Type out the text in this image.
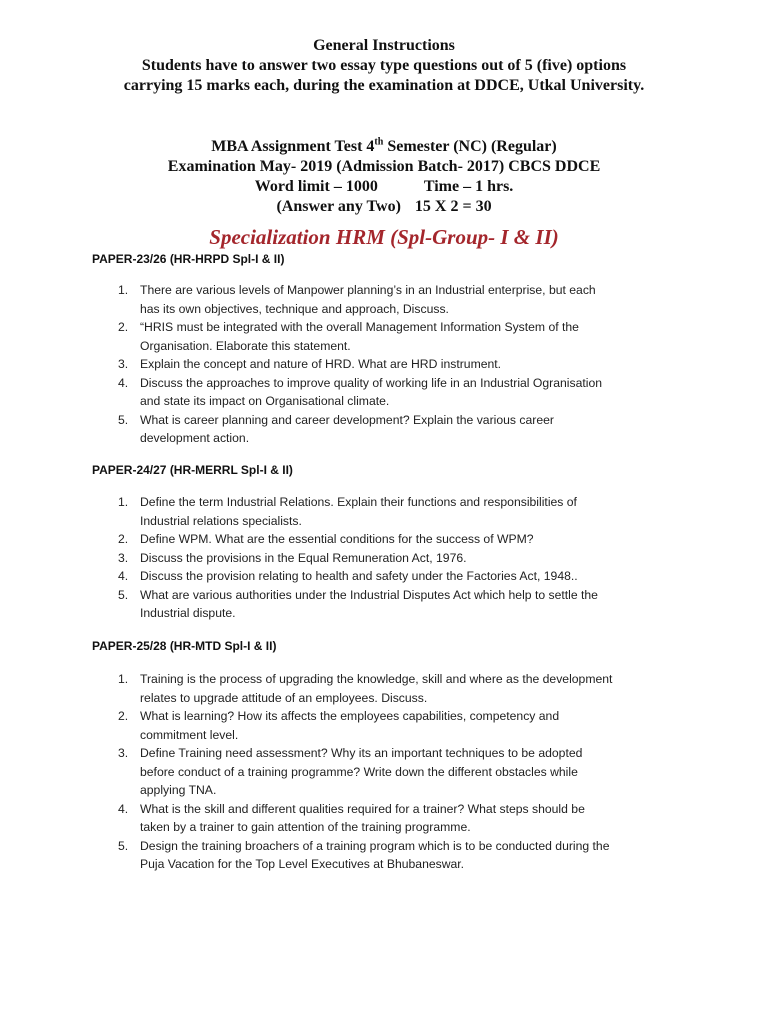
General Instructions
Students have to answer two essay type questions out of 5 (five) options
carrying 15 marks each, during the examination at DDCE, Utkal University.
MBA Assignment Test 4th Semester (NC) (Regular)
Examination May- 2019 (Admission Batch- 2017) CBCS DDCE
Word limit – 1000	Time – 1 hrs.
(Answer any Two) 15 X 2 = 30
Specialization HRM (Spl-Group- I & II)
PAPER-23/26 (HR-HRPD Spl-I & II)
1. There are various levels of Manpower planning’s in an Industrial enterprise, but each
has its own objectives, technique and approach, Discuss.
2. “HRIS must be integrated with the overall Management Information System of the
Organisation. Elaborate this statement.
3. Explain the concept and nature of HRD. What are HRD instrument.
4. Discuss the approaches to improve quality of working life in an Industrial Ogranisation
and state its impact on Organisational climate.
5. What is career planning and career development? Explain the various career
development action.
PAPER-24/27 (HR-MERRL Spl-I & II)
1. Define the term Industrial Relations. Explain their functions and responsibilities of
Industrial relations specialists.
2. Define WPM. What are the essential conditions for the success of WPM?
3. Discuss the provisions in the Equal Remuneration Act, 1976.
4. Discuss the provision relating to health and safety under the Factories Act, 1948..
5. What are various authorities under the Industrial Disputes Act which help to settle the
Industrial dispute.
PAPER-25/28 (HR-MTD Spl-I & II)
1. Training is the process of upgrading the knowledge, skill and where as the development
relates to upgrade attitude of an employees. Discuss.
2. What is learning? How its affects the employees capabilities, competency and
commitment level.
3. Define Training need assessment? Why its an important techniques to be adopted
before conduct of a training programme? Write down the different obstacles while
applying TNA.
4. What is the skill and different qualities required for a trainer? What steps should be
taken by a trainer to gain attention of the training programme.
5. Design the training broachers of a training program which is to be conducted during the
Puja Vacation for the Top Level Executives at Bhubaneswar.
